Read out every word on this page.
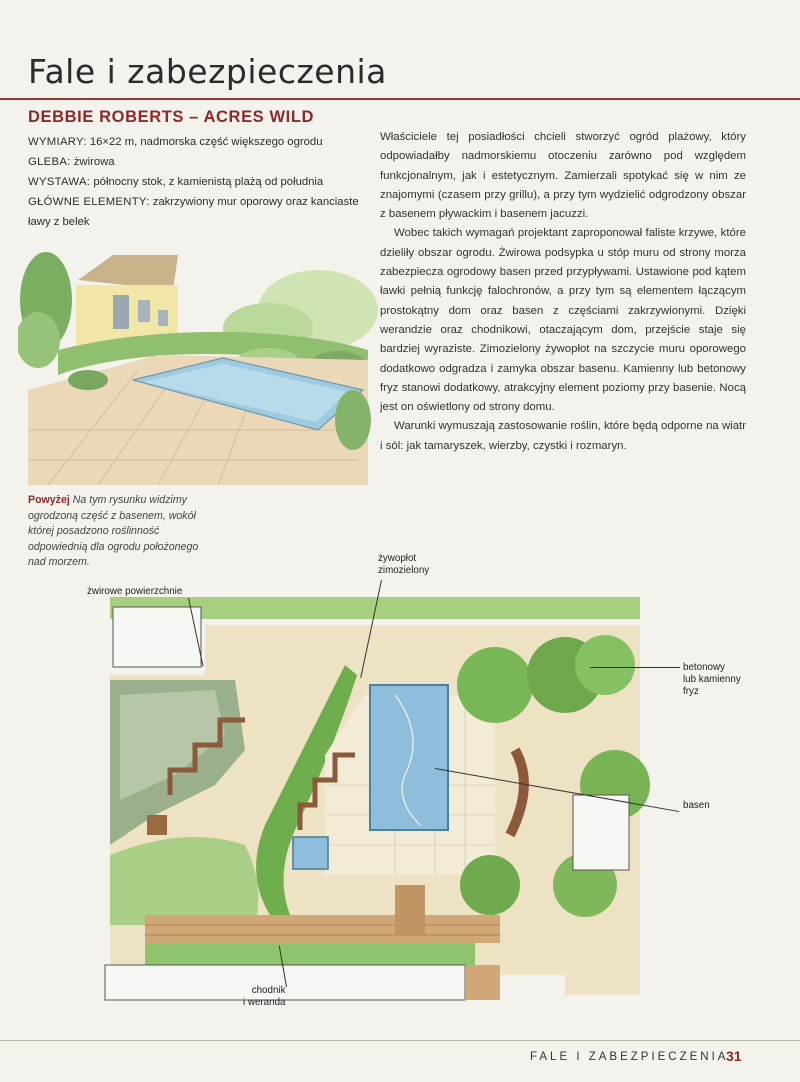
Fale i zabezpieczenia
DEBBIE ROBERTS – ACRES WILD

WYMIARY: 16×22 m, nadmorska część większego ogrodu

GLEBA: żwirowa

WYSTAWA: północny stok, z kamienistą plażą od południa

GŁÓWNE ELEMENTY: zakrzywiony mur oporowy oraz kanciaste ławy z belek

Właściciele tej posiadłości chcieli stworzyć ogród plażowy, który odpowiadałby nadmorskiemu otoczeniu zarówno pod względem funkcjonalnym, jak i estetycznym. Zamierzali spotykać się w nim ze znajomymi (czasem przy grillu), a przy tym wydzielić odgrodzony obszar z basenem pływackim i basenem jacuzzi.

Wobec takich wymagań projektant zaproponował faliste krzywe, które dzieliły obszar ogrodu. Żwirowa podsypka u stóp muru od strony morza zabezpiecza ogrodowy basen przed przypływami. Ustawione pod kątem ławki pełnią funkcję falochronów, a przy tym są elementem łączącym prostokątny dom oraz basen z częściami zakrzywionymi. Dzięki werandzie oraz chodnikowi, otaczającym dom, przejście staje się bardziej wyraziste. Zimozielony żywopłot na szczycie muru oporowego dodatkowo odgradza i zamyka obszar basenu. Kamienny lub betonowy fryz stanowi dodatkowy, atrakcyjny element poziomy przy basenie. Nocą jest on oświetlony od strony domu.

Warunki wymuszają zastosowanie roślin, które będą odporne na wiatr i sól: jak tamaryszek, wierzby, czystki i rozmaryn.

Powyżej Na tym rysunku widzimy ogrodzoną część z basenem, wokół której posadzono roślinność odpowiednią dla ogrodu położonego nad morzem.
żwirowe powierzchnie
żywopłot
zimozielony
betonowy
lub kamienny
fryz
basen
chodnik
i weranda
FALE I ZABEZPIECZENIA
31
